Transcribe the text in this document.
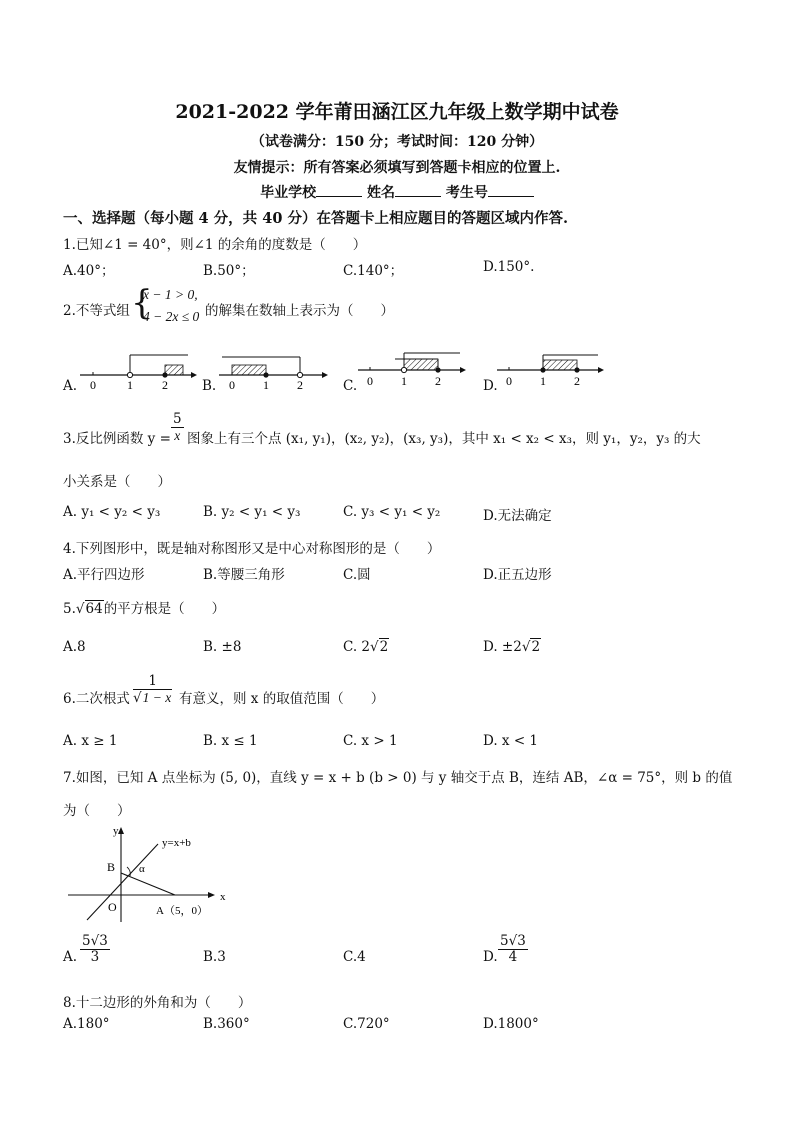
2021-2022 学年莆田涵江区九年级上数学期中试卷
（试卷满分：150 分；考试时间：120 分钟）
友情提示：所有答案必须填写到答题卡相应的位置上.
毕业学校	姓名	考生号
一、选择题（每小题 4 分，共 40 分）在答题卡上相应题目的答题区域内作答.
1.已知∠1 = 40°，则∠1 的余角的度数是（　　）
A.40°；	B.50°；	C.140°；	D.150°.
2.不等式组 {
x − 1 > 0,
4 − 2x ≤ 0 的解集在数轴上表示为（　　）
A.	B.	C.	D.
0	1 2	0 1 2	0 1 2	0 1 2
3.反比例函数 $y = \frac{5}{x}$ 图象上有三个点 (x₁, y₁)，(x₂, y₂)，(x₃, y₃)，其中 x₁ < x₂ < x₃，则 y₁，y₂，y₃ 的大
小关系是（　　）
A. y₁ < y₂ < y₃	B. y₂ < y₁ < y₃	C. y₃ < y₁ < y₂	D.无法确定
4.下列图形中，既是轴对称图形又是中心对称图形的是（　　）
A.平行四边形	B.等腰三角形	C.圆	D.正五边形
5.√64的平方根是（　　）
A.8	B. ±8	C. 2√2	D. ±2√2
6.二次根式 $\frac{1}{√1 - x}$ 有意义，则 x 的取值范围（　　）
A. x ≥ 1	B. x ≤ 1	C. x > 1	D. x < 1
7.如图，已知 A 点坐标为 (5, 0)，直线 y = x + b (b > 0) 与 y 轴交于点 B，连结 AB，∠α = 75°，则 b 的值
为（　　）
y
x
y=x+b
B α
O	A（5，0）
A. $\frac{5√3}{3}$	B.3	C.4	D. $\frac{5√3}{4}$
8.十二边形的外角和为（　　）
A.180°	B.360°	C.720°	D.1800°
